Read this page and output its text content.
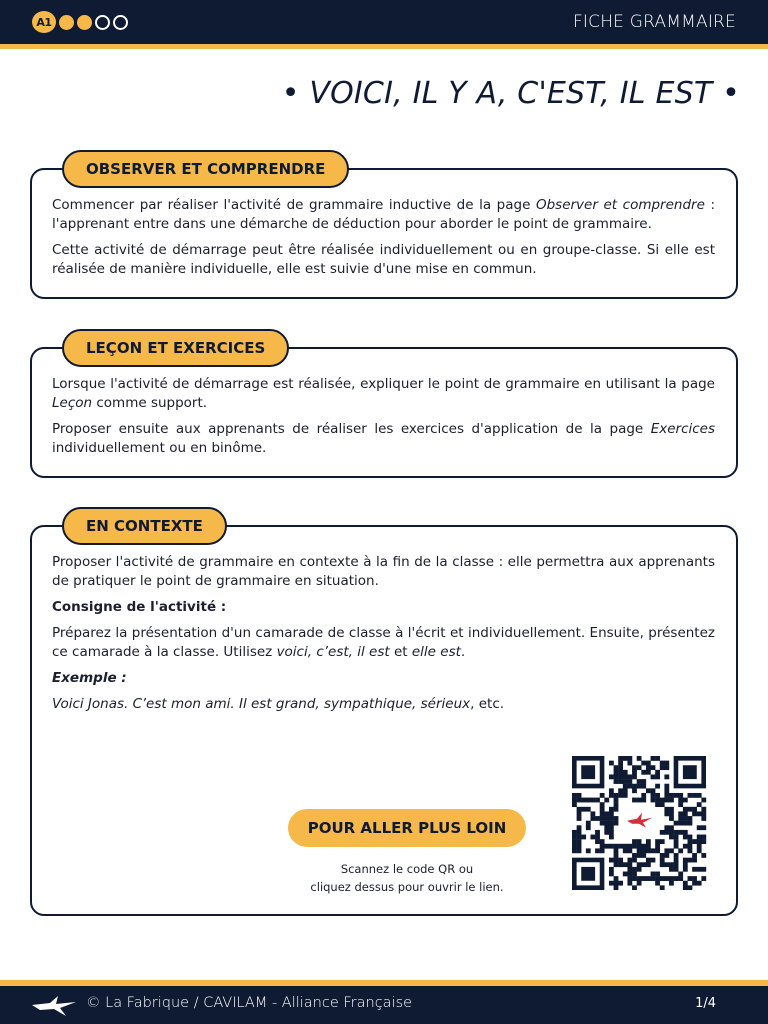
A1	FICHE GRAMMAIRE
• VOICI, IL Y A, C'EST, IL EST •
OBSERVER ET COMPRENDRE

Commencer par réaliser l'activité de grammaire inductive de la page Observer et comprendre : l'apprenant entre dans une démarche de déduction pour aborder le point de grammaire.

Cette activité de démarrage peut être réalisée individuellement ou en groupe-classe. Si elle est réalisée de manière individuelle, elle est suivie d'une mise en commun.

LEÇON ET EXERCICES

Lorsque l'activité de démarrage est réalisée, expliquer le point de grammaire en utilisant la page Leçon comme support.

Proposer ensuite aux apprenants de réaliser les exercices d'application de la page Exercices individuellement ou en binôme.

EN CONTEXTE

Proposer l'activité de grammaire en contexte à la fin de la classe : elle permettra aux apprenants de pratiquer le point de grammaire en situation.

Consigne de l'activité :

Préparez la présentation d'un camarade de classe à l'écrit et individuellement. Ensuite, présentez ce camarade à la classe. Utilisez voici, c’est, il est et elle est.

Exemple :

Voici Jonas. C’est mon ami. Il est grand, sympathique, sérieux, etc.

POUR ALLER PLUS LOIN
Scannez le code QR ou
cliquez dessus pour ouvrir le lien.
© La Fabrique / CAVILAM - Alliance Française	1/4
